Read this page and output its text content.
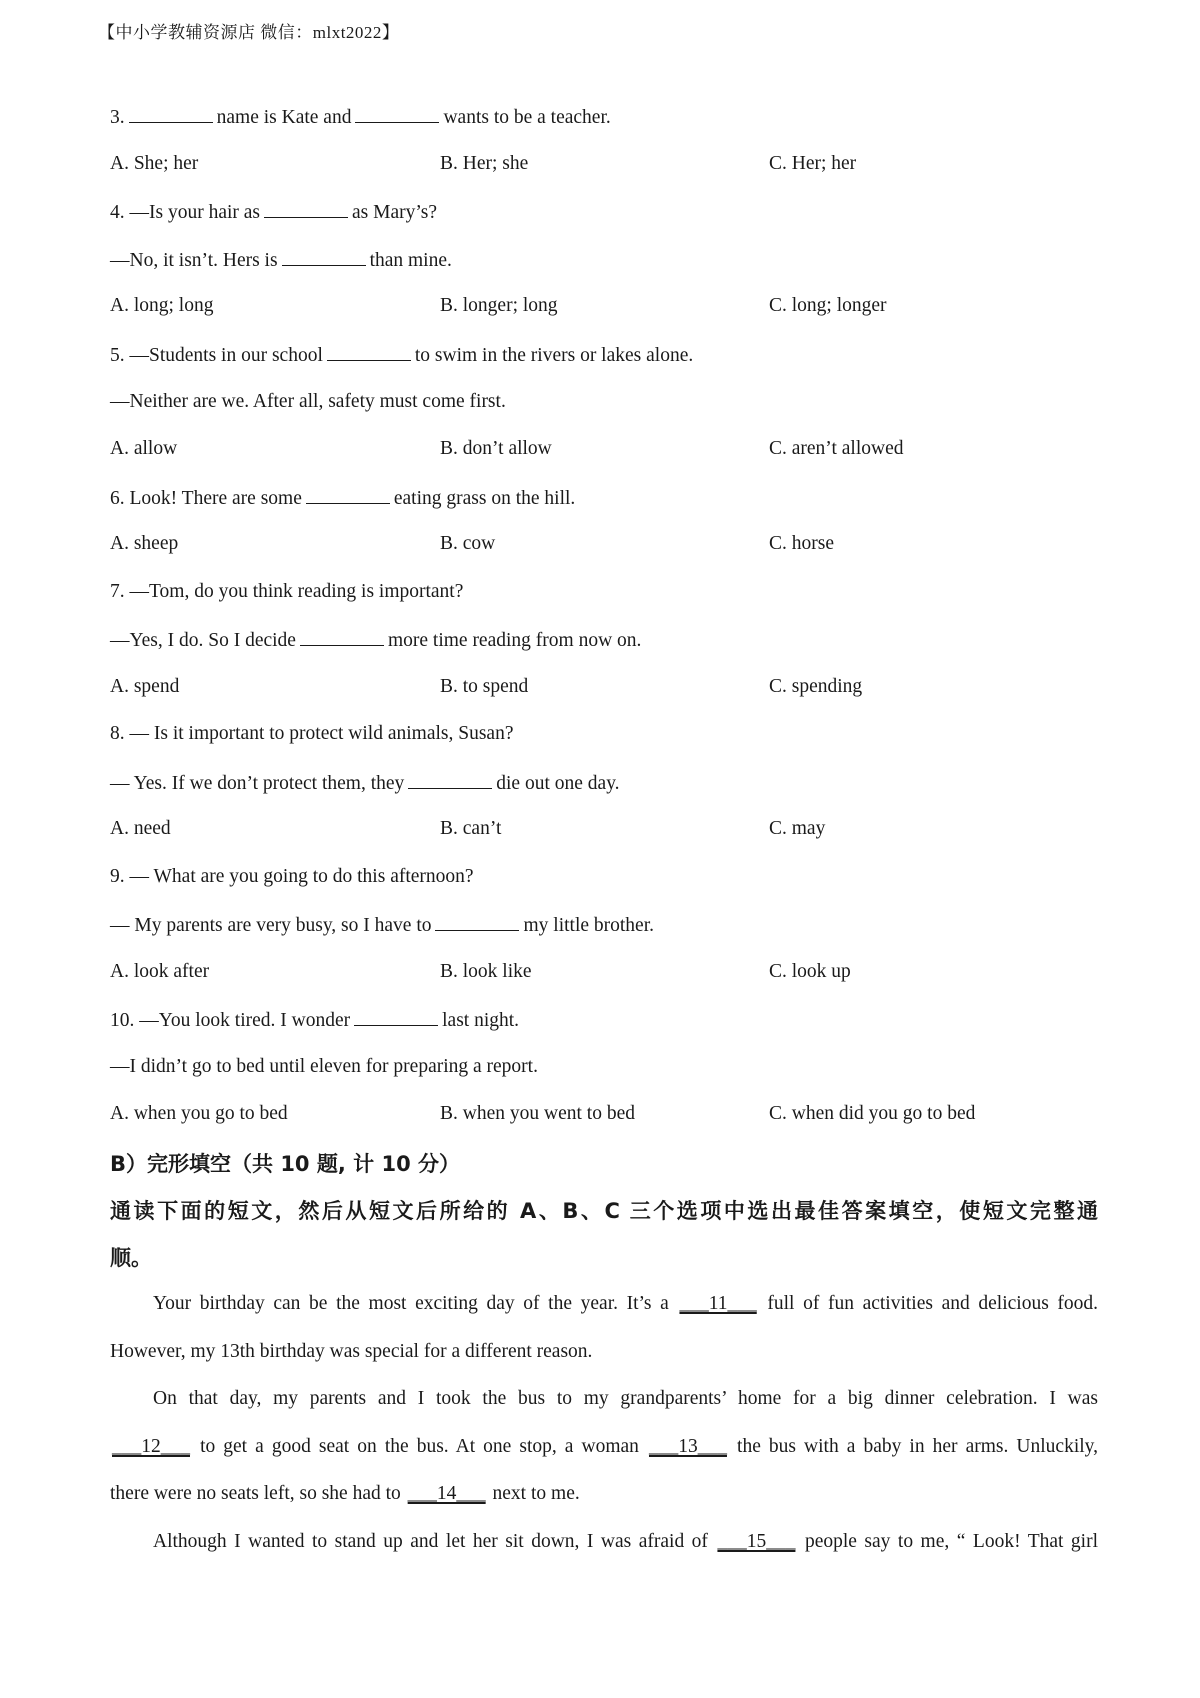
【中小学教辅资源店 微信：mlxt2022】
3.	name is Kate and	wants to be a teacher.
A. She; her	B. Her; she	C. Her; her
4. —Is your hair as	as Mary’s?
—No, it isn’t. Hers is	than mine.
A. long; long	B. longer; long	C. long; longer
5. —Students in our school	to swim in the rivers or lakes alone.
—Neither are we. After all, safety must come first.
A. allow	B. don’t allow	C. aren’t allowed
6. Look! There are some	eating grass on the hill.
A. sheep	B. cow	C. horse
7. —Tom, do you think reading is important?
—Yes, I do. So I decide	more time reading from now on.
A. spend	B. to spend	C. spending
8. — Is it important to protect wild animals, Susan?
— Yes. If we don’t protect them, they	die out one day.
A. need	B. can’t	C. may
9. — What are you going to do this afternoon?
— My parents are very busy, so I have to	my little brother.
A. look after	B. look like	C. look up
10. —You look tired. I wonder	last night.
—I didn’t go to bed until eleven for preparing a report.
A. when you go to bed	B. when you went to bed	C. when did you go to bed
B）完形填空（共 10 题, 计 10 分）
通读下面的短文，然后从短文后所给的 A、B、C 三个选项中选出最佳答案填空，使短文完整通
顺。
Your birthday can be the most exciting day of the year. It’s a ___11___ full of fun activities and delicious food.
However, my 13th birthday was special for a different reason.
On that day, my parents and I took the bus to my grandparents’ home for a big dinner celebration. I was
___12___ to get a good seat on the bus. At one stop, a woman ___13___ the bus with a baby in her arms. Unluckily,
there were no seats left, so she had to ___14___ next to me.
Although I wanted to stand up and let her sit down, I was afraid of ___15___ people say to me, “ Look! That girl
